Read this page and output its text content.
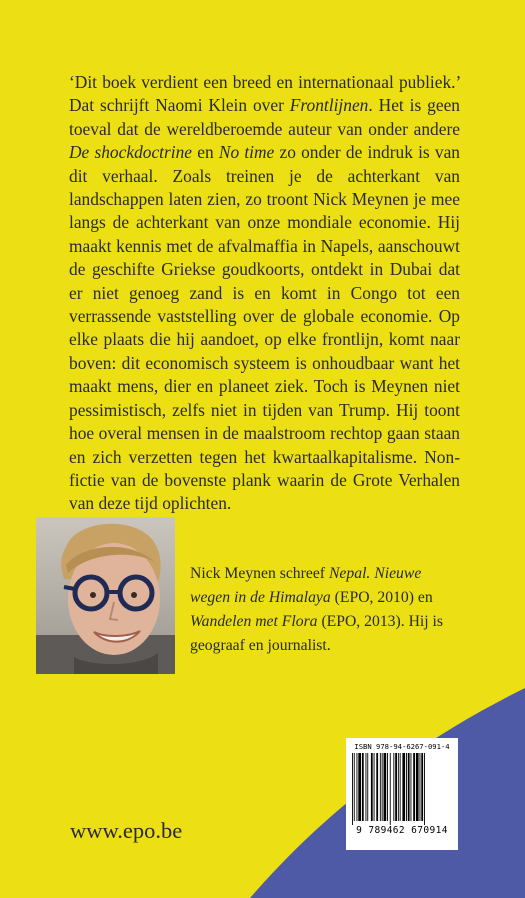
‘Dit boek verdient een breed en internationaal publiek.’ Dat schrijft Naomi Klein over Frontlijnen. Het is geen toeval dat de wereldberoemde auteur van onder andere De shockdoctrine en No time zo onder de indruk is van dit verhaal. Zoals treinen je de achterkant van landschappen laten zien, zo troont Nick Meynen je mee langs de achterkant van onze mondiale economie. Hij maakt kennis met de afvalmaffia in Napels, aanschouwt de geschifte Griekse goudkoorts, ontdekt in Dubai dat er niet genoeg zand is en komt in Congo tot een verrassende vaststelling over de globale economie. Op elke plaats die hij aandoet, op elke frontlijn, komt naar boven: dit economisch systeem is onhoudbaar want het maakt mens, dier en planeet ziek. Toch is Meynen niet pessimistisch, zelfs niet in tijden van Trump. Hij toont hoe overal mensen in de maalstroom rechtop gaan staan en zich verzetten tegen het kwartaalkapitalisme. Non-fictie van de bovenste plank waarin de Grote Verhalen van deze tijd oplichten.

Nick Meynen schreef Nepal. Nieuwe wegen in de Himalaya (EPO, 2010) en Wandelen met Flora (EPO, 2013). Hij is geograaf en journalist.

ISBN 978-94-6267-091-4
9 789462 670914
www.epo.be
